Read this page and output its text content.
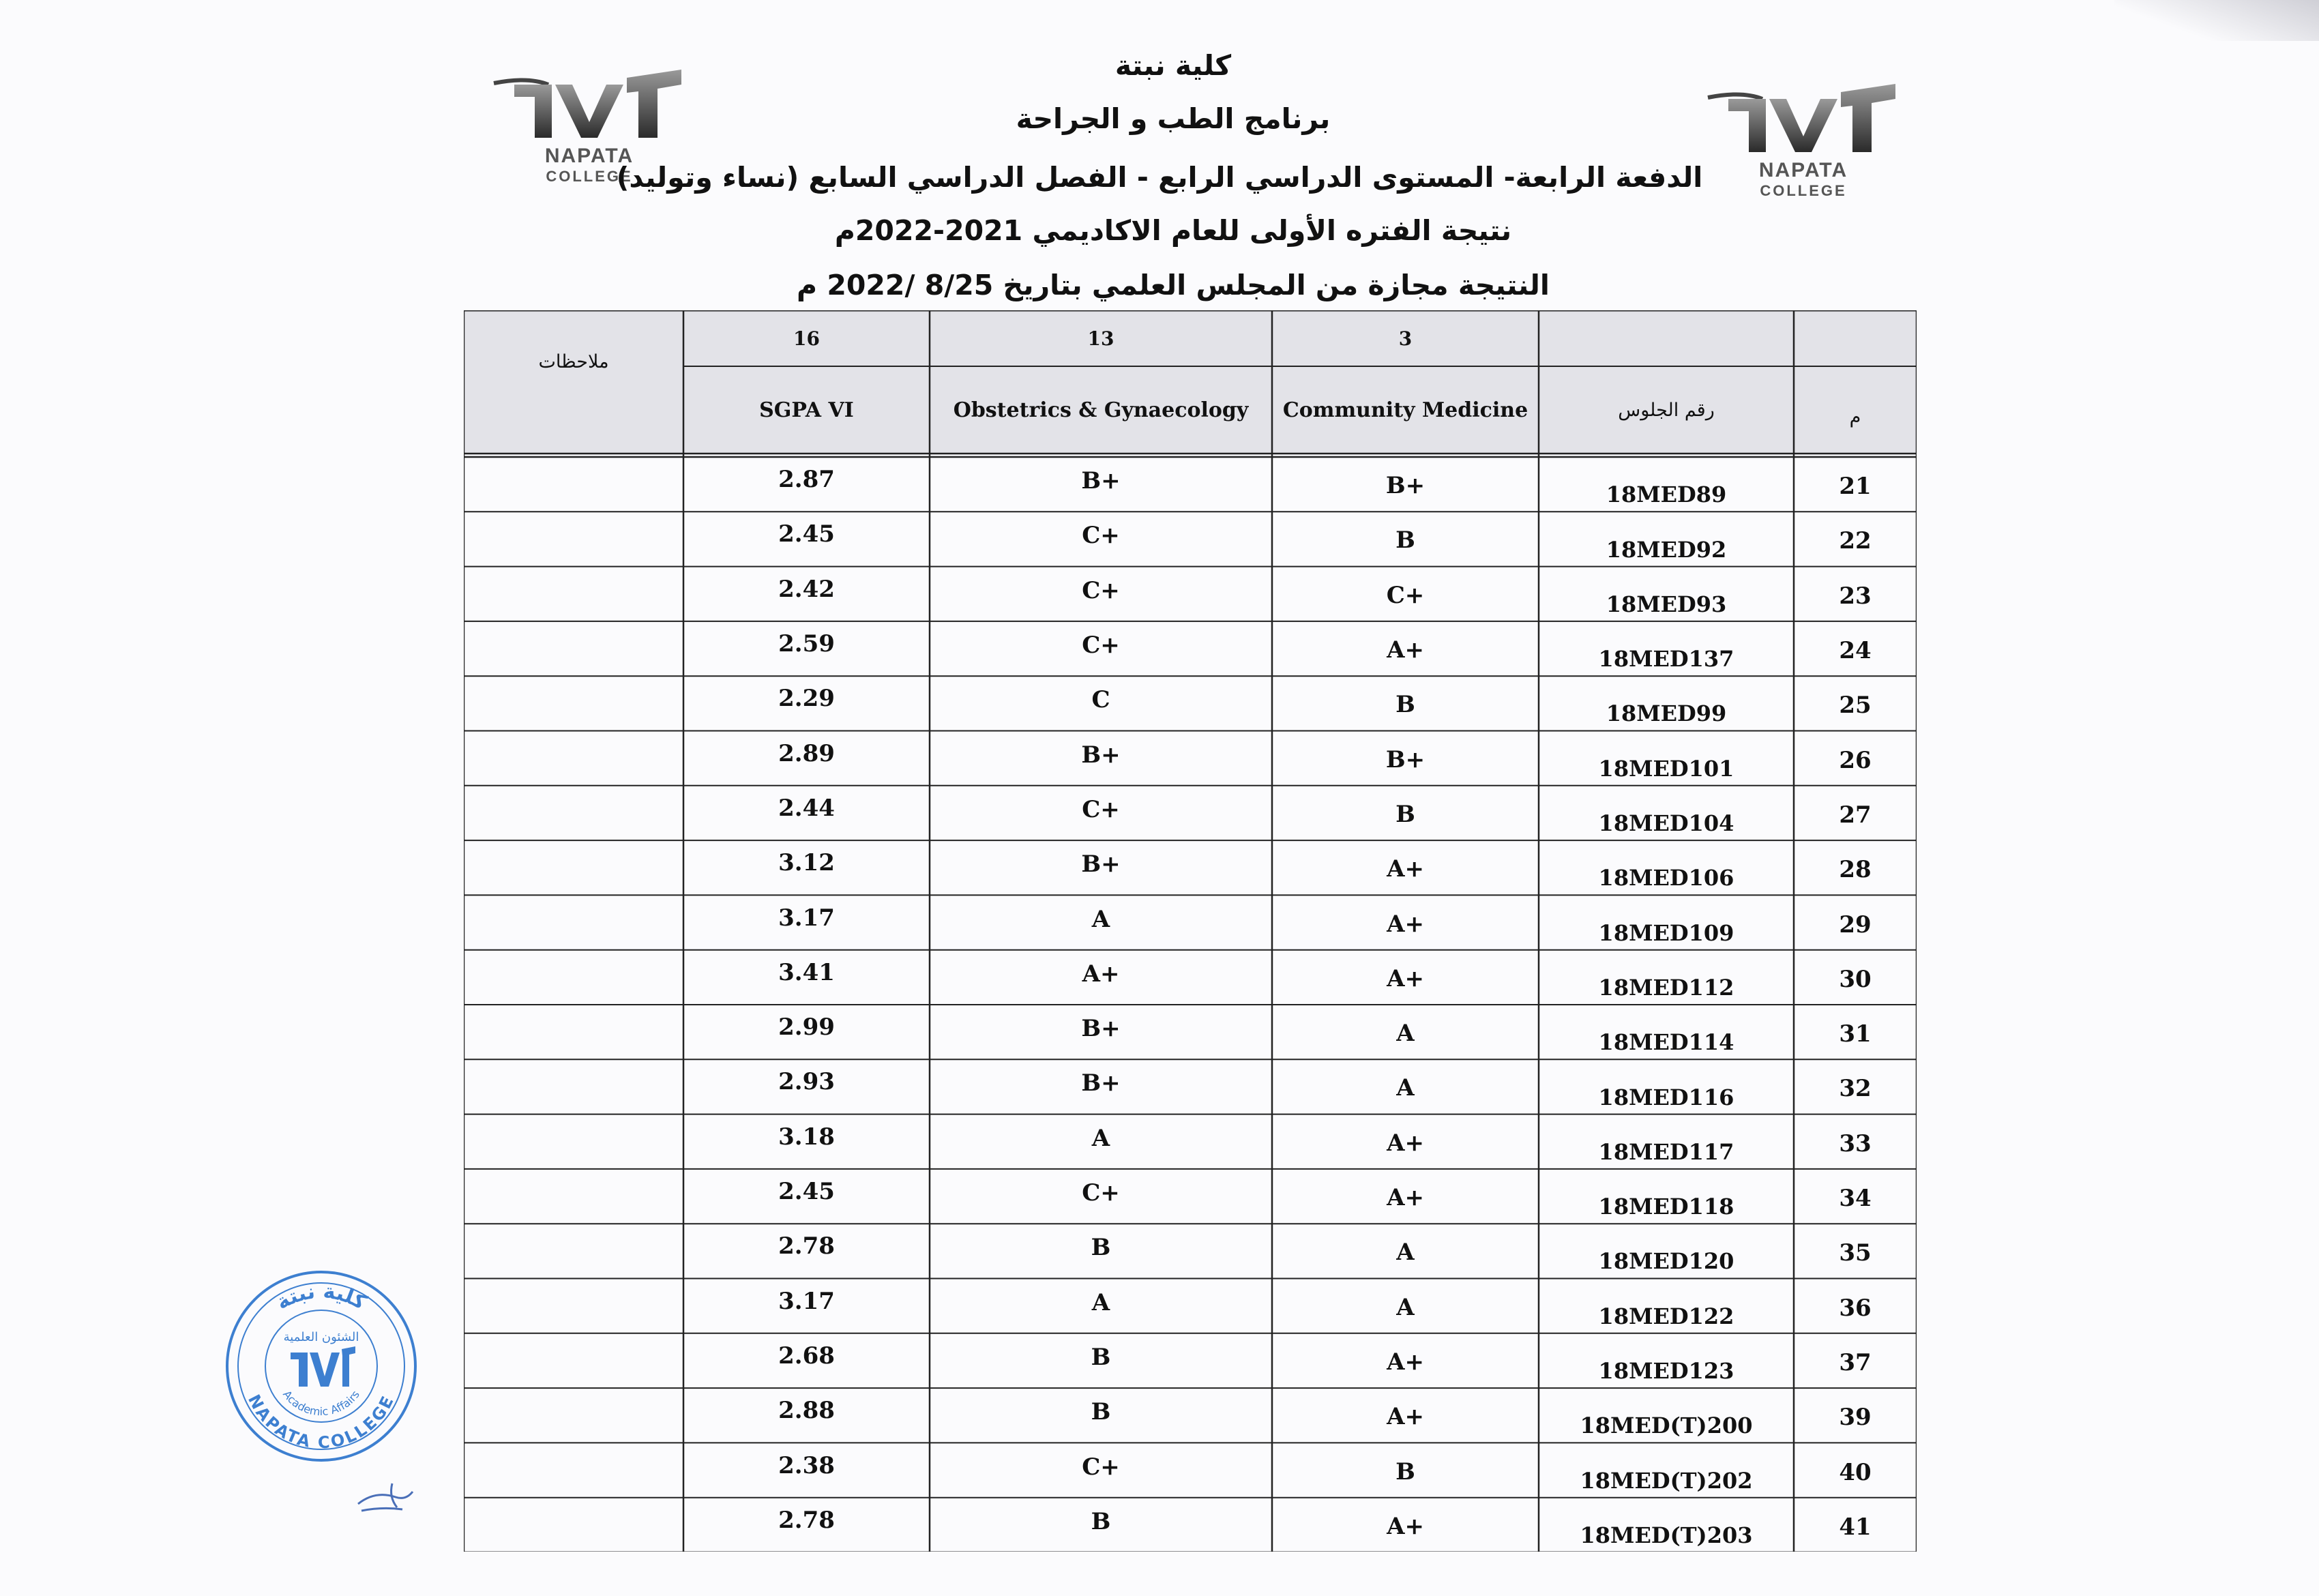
NAPATA
COLLEGE	NAPATA
COLLEGE
كلية نبتة
برنامج الطب و الجراحة
الدفعة الرابعة- المستوى الدراسي الرابع - الفصل الدراسي السابع (نساء وتوليد)
نتيجة الفتره الأولى للعام الاكاديمي 2021-2022م
النتيجة مجازة من المجلس العلمي بتاريخ 8/25 /2022 م
16	13	3
ملاحظات
SGPA VI	Obstetrics & Gynaecology	Community Medicine	رقم الجلوس	م
2.87	B+	B+	18MED89	21
2.45	C+	B	18MED92	22
2.42	C+	C+	18MED93	23
2.59	C+	A+	18MED137	24
2.29	C	B	18MED99	25
2.89	B+	B+	18MED101	26
2.44	C+	B	18MED104	27
3.12	B+	A+	18MED106	28
3.17	A	A+	18MED109	29
3.41	A+	A+	18MED112	30
2.99	B+	A	18MED114	31
2.93	B+	A	18MED116	32
3.18	A	A+	18MED117	33
2.45	C+	A+	18MED118	34
2.78	B	A	18MED120	35
3.17	A	A	18MED122	36
2.68	B	A+	18MED123	37
2.88	B	A+	18MED(T)200	39
2.38	C+	B	18MED(T)202	40
2.78	B	A+	18MED(T)203	41
كلية نبتة
NAPATA COLLEGE
Academic Affairs
الشئون العلمية
